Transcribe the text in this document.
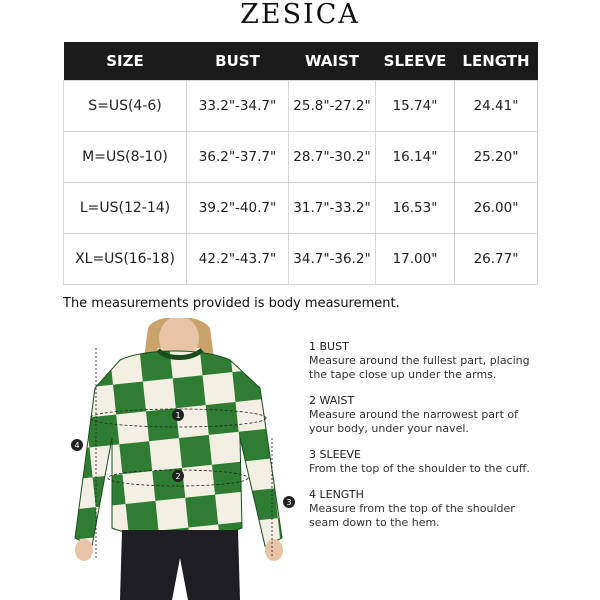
ZESICA
SIZE	BUST	WAIST	SLEEVE	LENGTH
S=US(4-6)	33.2"-34.7"	25.8"-27.2"	15.74"	24.41"
M=US(8-10)	36.2"-37.7"	28.7"-30.2"	16.14"	25.20"
L=US(12-14)	39.2"-40.7"	31.7"-33.2"	16.53"	26.00"
XL=US(16-18)	42.2"-43.7"	34.7"-36.2"	17.00"	26.77"
The measurements provided is body measurement.
1
2
3
4
1 BUST
Measure around the fullest part, placing the tape close up under the arms.
2 WAIST
Measure around the narrowest part of your body, under your navel.
3 SLEEVE
From the top of the shoulder to the cuff.
4 LENGTH
Measure from the top of the shoulder seam down to the hem.
